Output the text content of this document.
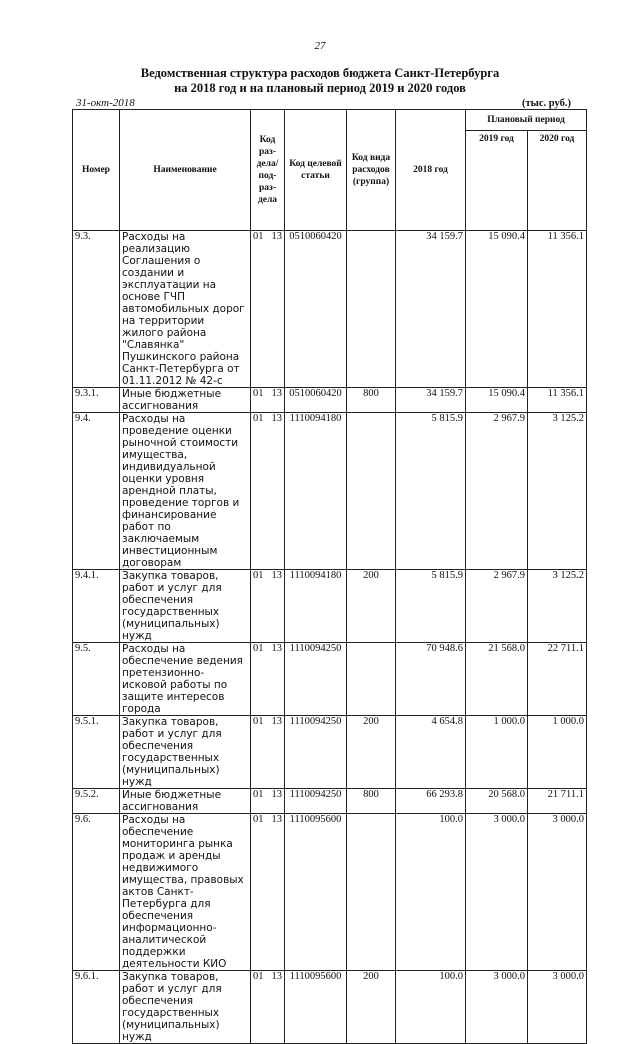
27
Ведомственная структура расходов бюджета Санкт-Петербурга
на 2018 год и на плановый период 2019 и 2020 годов
31-окт-2018	(тыс. руб.)
Номер	Наименование	Код раз-дела/ под-раз-дела	Код целевой статьи	Код вида расходов (группа)	2018 год	Плановый период	
						2019 год	2020 год
9.3.	Расходы на реализацию Соглашения о создании и эксплуатации на основе ГЧП автомобильных дорог на территории жилого района "Славянка" Пушкинского района Санкт-Петербурга от 01.11.2012 № 42-с	01 13	0510060420		34 159.7	15 090.4	11 356.1
9.3.1.	Иные бюджетные ассигнования	01 13	0510060420	800	34 159.7	15 090.4	11 356.1
9.4.	Расходы на проведение оценки рыночной стоимости имущества, индивидуальной оценки уровня арендной платы, проведение торгов и финансирование работ по заключаемым инвестиционным договорам	01 13	1110094180		5 815.9	2 967.9	3 125.2
9.4.1.	Закупка товаров, работ и услуг для обеспечения государственных (муниципальных) нужд	01 13	1110094180	200	5 815.9	2 967.9	3 125.2
9.5.	Расходы на обеспечение ведения претензионно-исковой работы по защите интересов города	01 13	1110094250		70 948.6	21 568.0	22 711.1
9.5.1.	Закупка товаров, работ и услуг для обеспечения государственных (муниципальных) нужд	01 13	1110094250	200	4 654.8	1 000.0	1 000.0
9.5.2.	Иные бюджетные ассигнования	01 13	1110094250	800	66 293.8	20 568.0	21 711.1
9.6.	Расходы на обеспечение мониторинга рынка продаж и аренды недвижимого имущества, правовых актов Санкт-Петербурга для обеспечения информационно-аналитической поддержки деятельности КИО	01 13	1110095600		100.0	3 000.0	3 000.0
9.6.1.	Закупка товаров, работ и услуг для обеспечения государственных (муниципальных) нужд	01 13	1110095600	200	100.0	3 000.0	3 000.0
